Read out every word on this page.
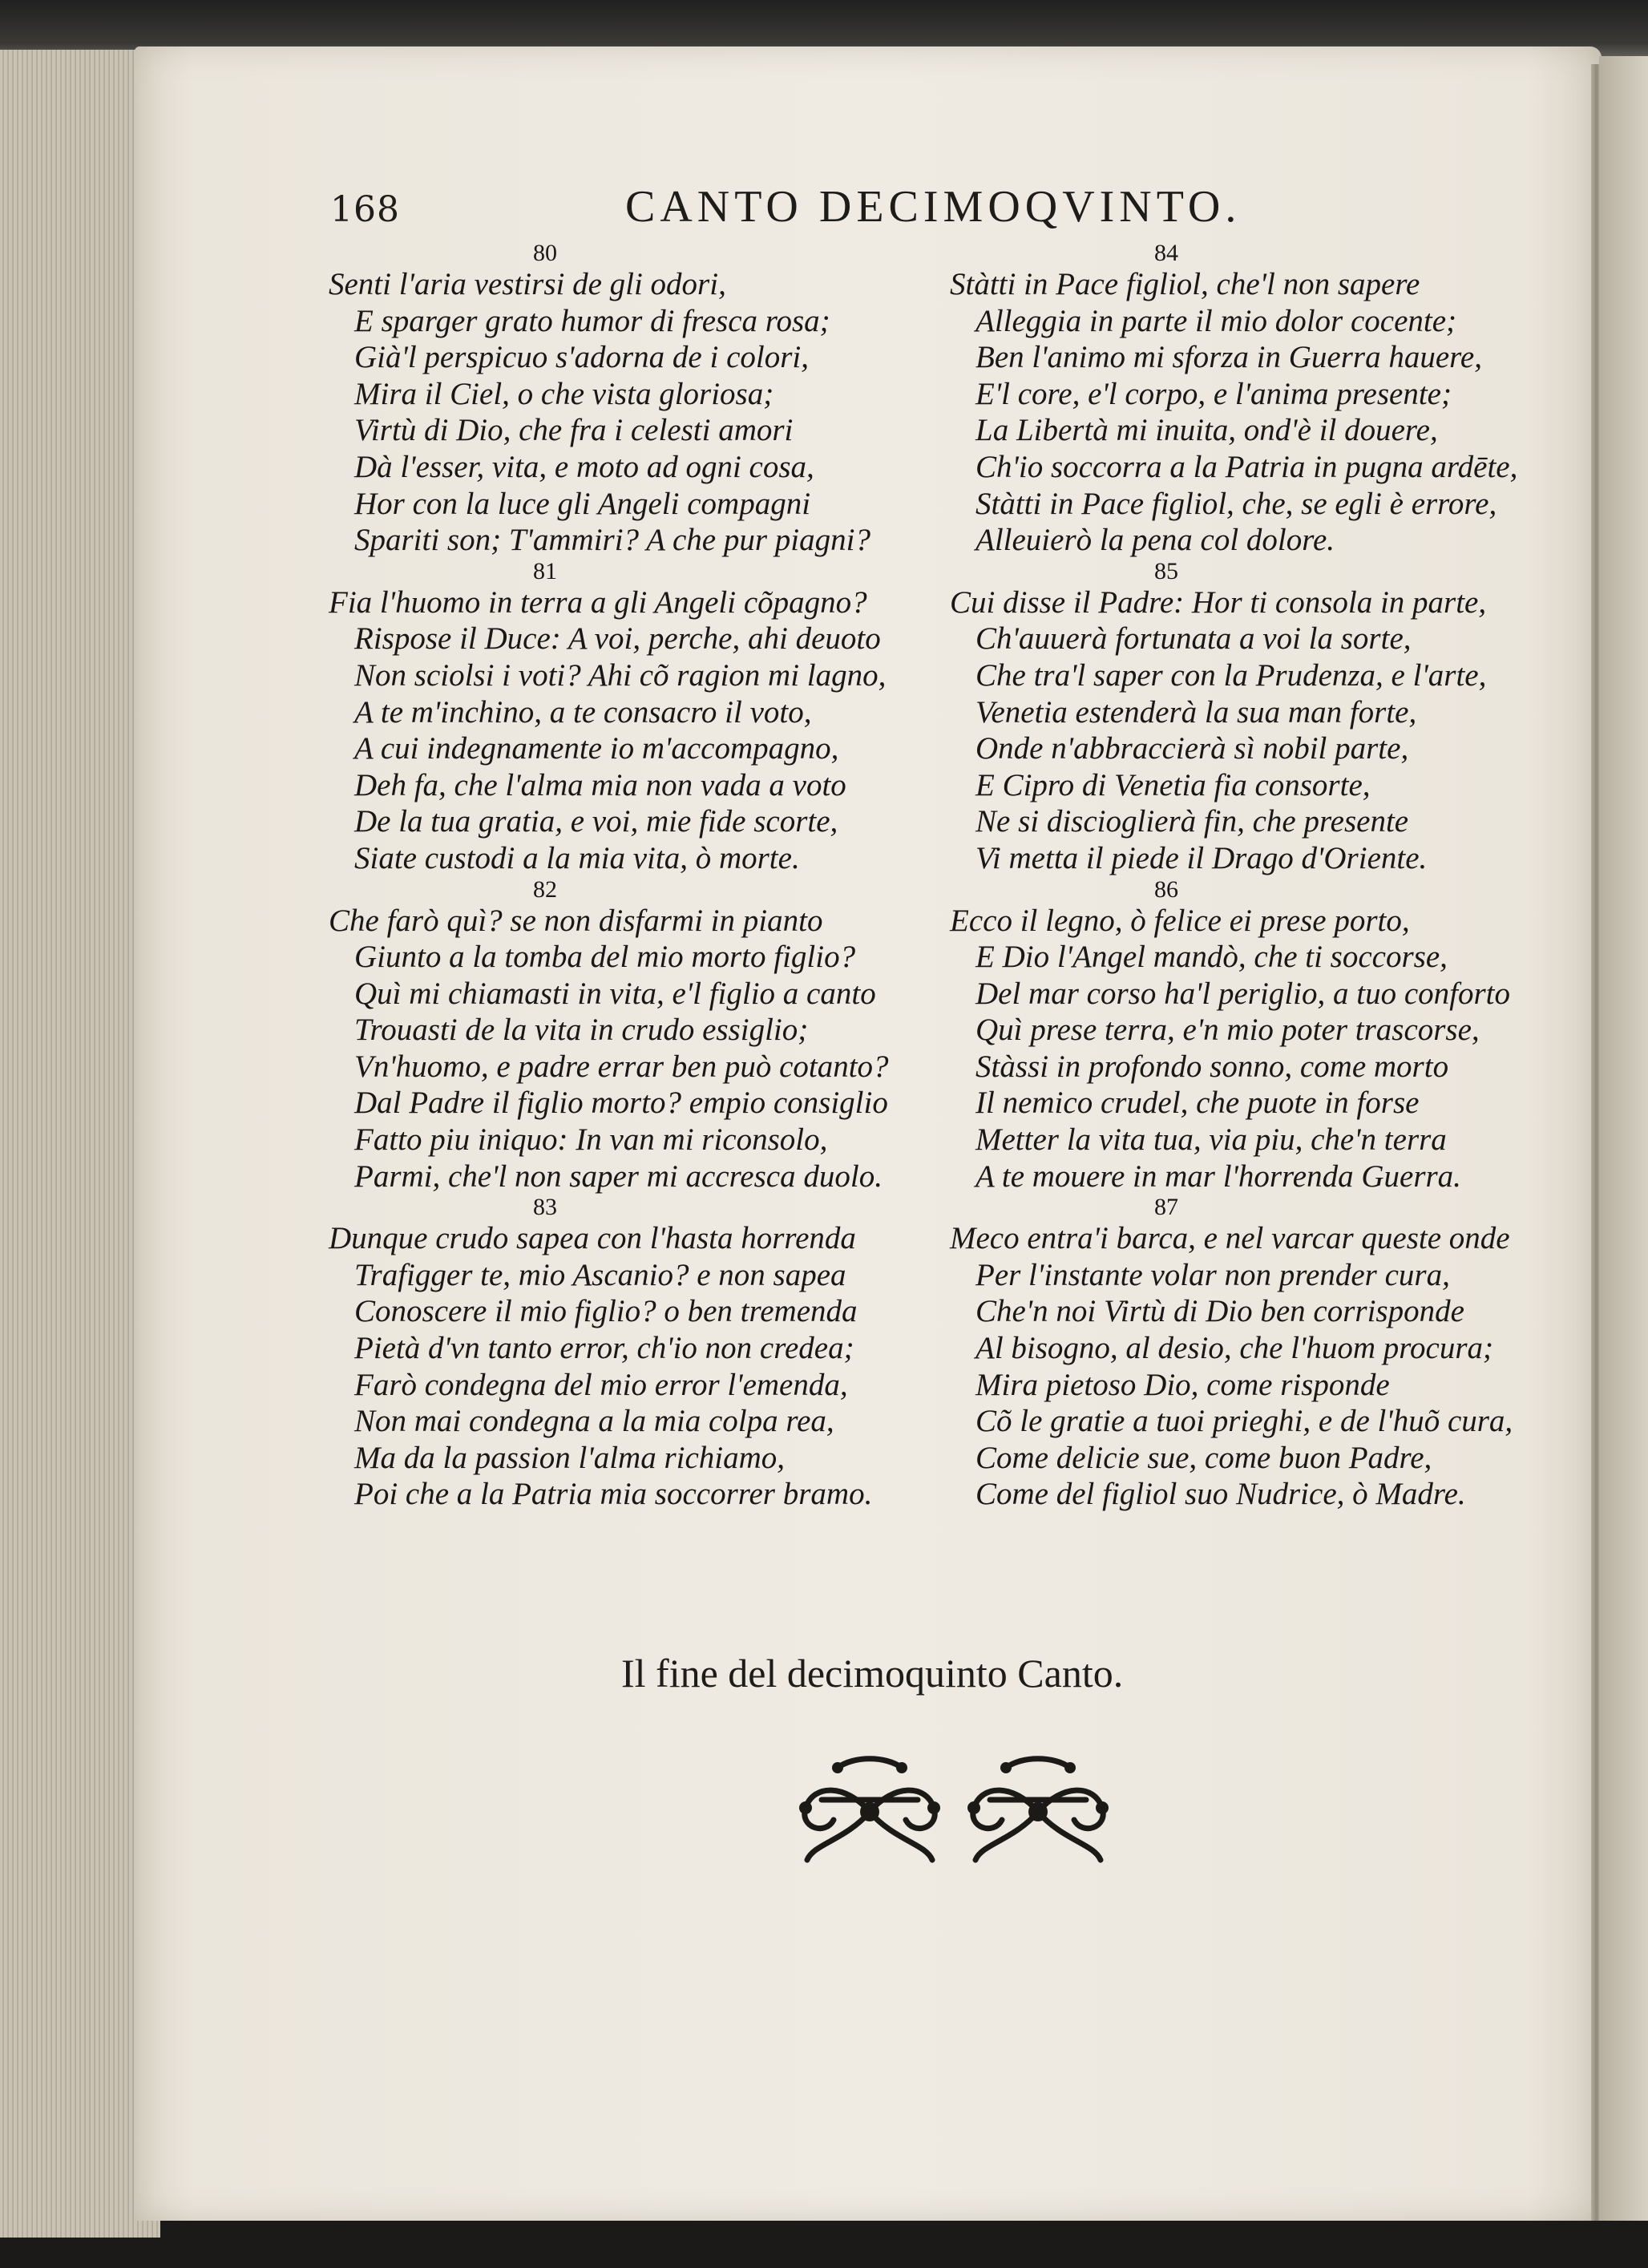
168	CANTO DECIMOQVINTO.
80
Senti l'aria vestirsi de gli odori,
E sparger grato humor di fresca rosa;
Già'l perspicuo s'adorna de i colori,
Mira il Ciel, o che vista gloriosa;
Virtù di Dio, che fra i celesti amori
Dà l'esser, vita, e moto ad ogni cosa,
Hor con la luce gli Angeli compagni
Spariti son; T'ammiri? A che pur piagni?
81
Fia l'huomo in terra a gli Angeli cõpagno?
Rispose il Duce: A voi, perche, ahi deuoto
Non sciolsi i voti? Ahi cõ ragion mi lagno,
A te m'inchino, a te consacro il voto,
A cui indegnamente io m'accompagno,
Deh fa, che l'alma mia non vada a voto
De la tua gratia, e voi, mie fide scorte,
Siate custodi a la mia vita, ò morte.
82
Che farò quì? se non disfarmi in pianto
Giunto a la tomba del mio morto figlio?
Quì mi chiamasti in vita, e'l figlio a canto
Trouasti de la vita in crudo essiglio;
Vn'huomo, e padre errar ben può cotanto?
Dal Padre il figlio morto? empio consiglio
Fatto piu iniquo: In van mi riconsolo,
Parmi, che'l non saper mi accresca duolo.
83
Dunque crudo sapea con l'hasta horrenda
Trafigger te, mio Ascanio? e non sapea
Conoscere il mio figlio? o ben tremenda
Pietà d'vn tanto error, ch'io non credea;
Farò condegna del mio error l'emenda,
Non mai condegna a la mia colpa rea,
Ma da la passion l'alma richiamo,
Poi che a la Patria mia soccorrer bramo.
84
Stàtti in Pace figliol, che'l non sapere
Alleggia in parte il mio dolor cocente;
Ben l'animo mi sforza in Guerra hauere,
E'l core, e'l corpo, e l'anima presente;
La Libertà mi inuita, ond'è il douere,
Ch'io soccorra a la Patria in pugna ardēte,
Stàtti in Pace figliol, che, se egli è errore,
Alleuierò la pena col dolore.
85
Cui disse il Padre: Hor ti consola in parte,
Ch'auuerà fortunata a voi la sorte,
Che tra'l saper con la Prudenza, e l'arte,
Venetia estenderà la sua man forte,
Onde n'abbraccierà sì nobil parte,
E Cipro di Venetia fia consorte,
Ne si discioglierà fin, che presente
Vi metta il piede il Drago d'Oriente.
86
Ecco il legno, ò felice ei prese porto,
E Dio l'Angel mandò, che ti soccorse,
Del mar corso ha'l periglio, a tuo conforto
Quì prese terra, e'n mio poter trascorse,
Stàssi in profondo sonno, come morto
Il nemico crudel, che puote in forse
Metter la vita tua, via piu, che'n terra
A te mouere in mar l'horrenda Guerra.
87
Meco entra'i barca, e nel varcar queste onde
Per l'instante volar non prender cura,
Che'n noi Virtù di Dio ben corrisponde
Al bisogno, al desio, che l'huom procura;
Mira pietoso Dio, come risponde
Cõ le gratie a tuoi prieghi, e de l'huõ cura,
Come delicie sue, come buon Padre,
Come del figliol suo Nudrice, ò Madre.
Il fine del decimoquinto Canto.
